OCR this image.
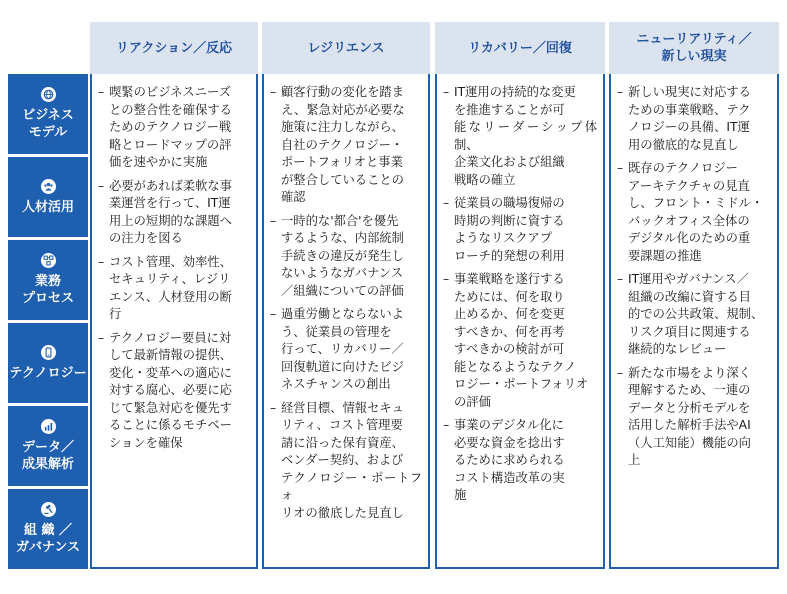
リアクション／反応	レジリエンス	リカバリー／回復
ニューリアリティ／
新しい現実
ビジネス
モデル
人材活用
業務
プロセス
テクノロジー
データ／
成果解析
組 織 ／
ガバナンス
– 喫緊のビジネスニーズ
との整合性を確保する
ためのテクノロジー戦
略とロードマップの評
価を速やかに実施
– 必要があれば柔軟な事
業運営を行って、IT運
用上の短期的な課題へ
の注力を図る
– コスト管理、効率性、
セキュリティ、レジリ
エンス、人材登用の断
行
– テクノロジー要員に対
して最新情報の提供、
変化・変革への適応に
対する腐心、必要に応
じて緊急対応を優先す
ることに係るモチベー
ションを確保
– 顧客行動の変化を踏ま
え、緊急対応が必要な
施策に注力しながら、
自社のテクノロジー・
ポートフォリオと事業
が整合していることの
確認
– 一時的な'都合'を優先
するような、内部統制
手続きの違反が発生し
ないようなガバナンス
／組織についての評価
– 過重労働とならないよ
う、従業員の管理を
行って、リカバリー／
回復軌道に向けたビジ
ネスチャンスの創出
– 経営目標、情報セキュ
リティ、コスト管理要
請に沿った保有資産、
ベンダー契約、および
テクノロジー・ポートフォ
リオの徹底した見直し
– IT運用の持続的な変更
を推進することが可
能なリーダーシップ体制、
企業文化および組織
戦略の確立
– 従業員の職場復帰の
時期の判断に資する
ようなリスクアプ
ローチ的発想の利用
– 事業戦略を遂行する
ためには、何を取り
止めるか、何を変更
すべきか、何を再考
すべきかの検討が可
能となるようなテクノ
ロジー・ポートフォリオ
の評価
– 事業のデジタル化に
必要な資金を捻出す
るために求められる
コスト構造改革の実
施
– 新しい現実に対応する
ための事業戦略、テク
ノロジーの具備、IT運
用の徹底的な見直し
– 既存のテクノロジー
アーキテクチャの見直
し、フロント・ミドル・
バックオフィス全体の
デジタル化のための重
要課題の推進
– IT運用やガバナンス／
組織の改編に資する目
的での公共政策、規制、
リスク項目に関連する
継続的なレビュー
– 新たな市場をより深く
理解するため、一連の
データと分析モデルを
活用した解析手法やAI
（人工知能）機能の向
上
